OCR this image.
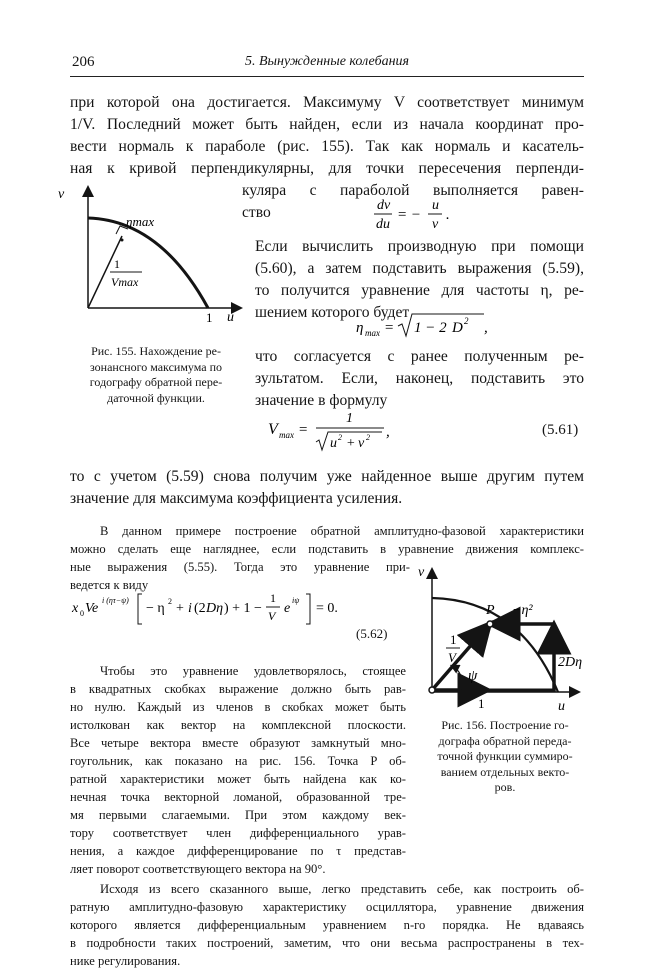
206	5. Вынужденные колебания
при которой она достигается. Максимуму V соответствует минимум
1/V. Последний может быть найден, если из начала координат про-
вести нормаль к параболе (рис. 155). Так как нормаль и касатель-
ная к кривой перпендикулярны, для точки пересечения перпенди-
куляра с параболой выполняется равен-
ство	dv
du
= −
u
v
.
Если вычислить производную при помощи
(5.60), а затем подставить выражения (5.59),
то получится уравнение для частоты η, ре-
шением которого будет
η max = 1 − 2 D 2 ,
что согласуется с ранее полученным ре-
зультатом. Если, наконец, подставить это
значение в формулу
V max =
1
u 2 + v 2 ,	(5.61)
то с учетом (5.59) снова получим уже найденное выше другим путем
значение для максимума коэффициента усиления.
v
u
1
ηmax
1
Vmax
Рис. 155. Нахождение ре-
зонансного максимума по
годографу обратной пере-
даточной функции.
В данном примере построение обратной амплитудно-фазовой характеристики
можно сделать еще нагляднее, если подставить в уравнение движения комплекс-
ные выражения (5.55). Тогда это уравнение при-
ведется к виду
x 0 Ve
i (ητ−ψ)
− η 2 + i (2 Dη ) + 1 −
1
V e
iψ
= 0.
(5.62)
v
u
1
P −η²
2Dη
1
V
ψ
Рис. 156. Построение го-
дографа обратной переда-
точной функции суммиро-
ванием отдельных векто-
ров.
Чтобы это уравнение удовлетворялось, стоящее
в квадратных скобках выражение должно быть рав-
но нулю. Каждый из членов в скобках может быть
истолкован как вектор на комплексной плоскости.
Все четыре вектора вместе образуют замкнутый мно-
гоугольник, как показано на рис. 156. Точка P об-
ратной характеристики может быть найдена как ко-
нечная точка векторной ломаной, образованной тре-
мя первыми слагаемыми. При этом каждому век-
тору соответствует член дифференциального урав-
нения, а каждое дифференцирование по τ представ-
ляет поворот соответствующего вектора на 90°.
Исходя из всего сказанного выше, легко представить себе, как построить об-
ратную амплитудно-фазовую характеристику осциллятора, уравнение движения
которого является дифференциальным уравнением n-го порядка. Не вдаваясь
в подробности таких построений, заметим, что они весьма распространены в тех-
нике регулирования.
